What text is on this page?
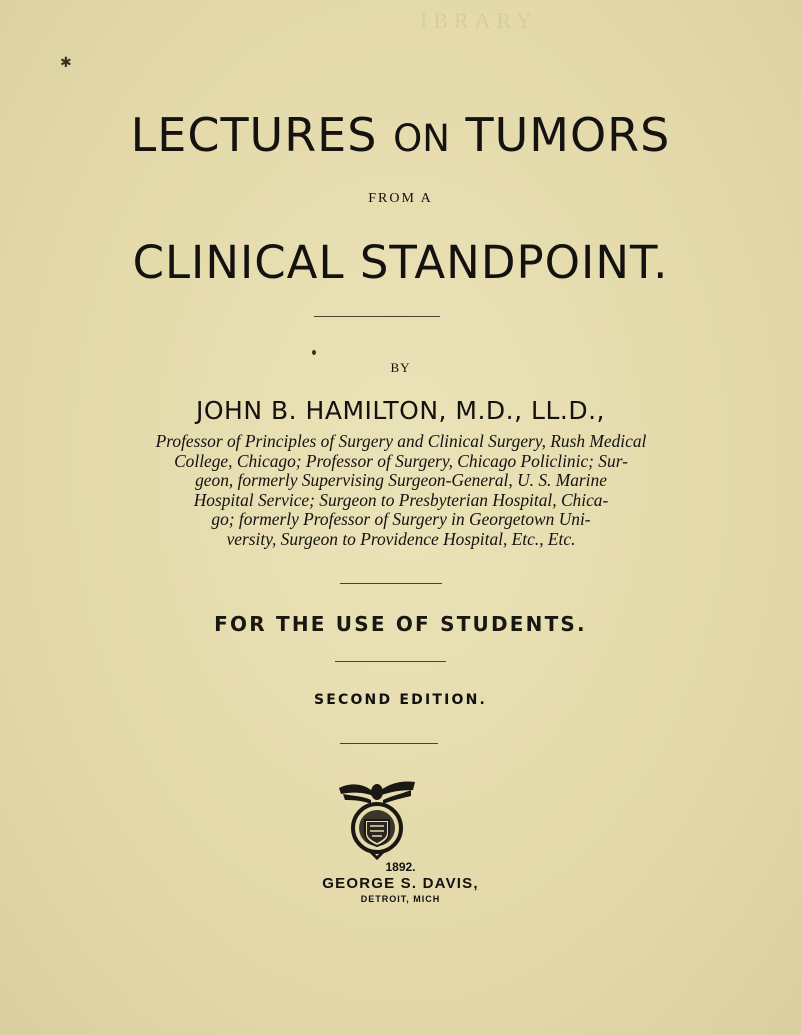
IBRARY
✱
LECTURES ON TUMORS
FROM A
CLINICAL STANDPOINT.
BY
JOHN B. HAMILTON, M.D., LL.D.,
Professor of Principles of Surgery and Clinical Surgery, Rush Medical
College, Chicago; Professor of Surgery, Chicago Policlinic; Sur-
geon, formerly Supervising Surgeon-General, U. S. Marine
Hospital Service; Surgeon to Presbyterian Hospital, Chica-
go; formerly Professor of Surgery in Georgetown Uni-
versity, Surgeon to Providence Hospital, Etc., Etc.
FOR THE USE OF STUDENTS.
SECOND EDITION.
1892.
GEORGE S. DAVIS,
DETROIT, MICH
